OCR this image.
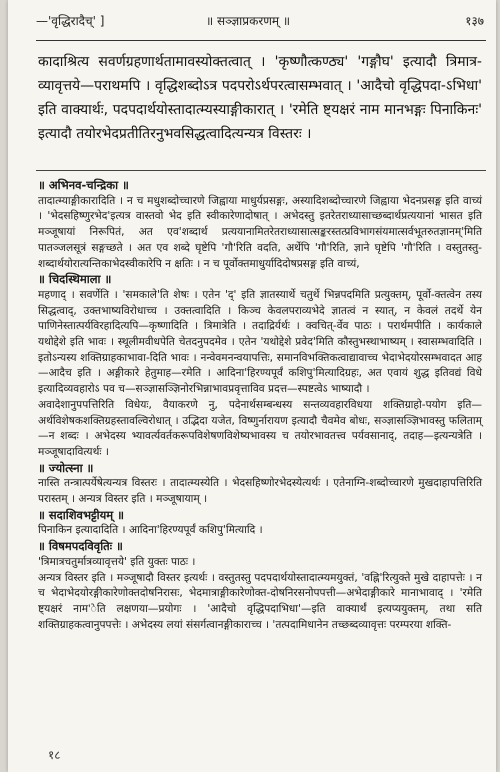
—'वृद्धिरादैच्' ]	॥ सञ्ज्ञाप्रकरणम् ॥	१३७

कादाश्रित्य सवर्णग्रहणार्थतामावस्योक्तत्वात् । 'कृष्णौत्कण्ठ्य' 'गङ्गौघ' इत्यादौ त्रिमात्र-व्यावृत्तये—पराथमपि । वृद्धिशब्दोऽत्र पदपरोऽर्थपरत्वासम्भवात् । 'आदैचो वृद्धिपदा-ऽभिधा' इति वाक्यार्थः, पदपदार्थयोस्तादात्म्यस्याङ्गीकारात् । 'रमेति ष्ट्यक्षरं नाम मानभङ्गः पिनाकिनः' इत्यादौ तयोरभेदप्रतीतिरनुभवसिद्धत्वादित्यन्यत्र विस्तरः ।

॥ अभिनव-चन्द्रिका ॥

तादात्म्याङ्गीकारादिति । न च मधुशब्दोच्चारणे जिह्वाया माधुर्यप्रसङ्गः, अस्यादिशब्दोच्चारणे जिह्वाया भेदनप्रसङ्ग इति वाच्यं । 'भेदसहिष्णुरभेद'इत्यत्र वास्तवो भेद इति स्वीकारेणादोषात् । अभेदस्तु इतरेतराध्यासाच्छब्दार्थप्रत्ययानां भासत इति मञ्जूषायां निरूपितं, अत एव'शब्दार्थ प्रत्ययानामितरेतराध्यासात्सङ्करस्तत्प्रविभागसंयमात्सर्वभूतरुतज्ञानम्'मिति पातञ्जलसूत्रं सङ्गच्छते । अत एव शब्दे घृष्टेपि 'गौ'रिति वदति, अर्थेपि 'गौ'रिति, ज्ञाने घृष्टेपि 'गौ'रिति । वस्तुतस्तु-शब्दार्थयोरात्यन्तिकाभेदस्वीकारेपि न क्षतिः । न च पूर्वोक्तमाधुर्यादिदोषप्रसङ्ग इति वाच्यं,

॥ चिदस्थिमाला ॥

महणाद् । सवर्णेति । 'समकाले'ति शेषः । एतेन 'द्' इति ज्ञातस्यार्थे चतुर्थे भिन्नपदमिति प्रत्युक्तम्, पूर्वो-क्तत्वेन तस्य सिद्धत्वाद्, उक्तभाष्यविरोधाच्च । उक्तत्वादिति । किञ्च केवलपराव्यभेदे ज्ञातत्वं न स्यात्, न केवलं तदर्थे येन पाणिनेस्तात्पर्यविरहादित्यपि—कृष्णादिति । त्रिमात्रेति । तदाद्रिर्यर्थः । क्वचित्-र्वेव पाठः । परार्थमपीति । कार्यकाले यथोद्देशे इति भावः । स्थूलीमवीधपेति चेतदनुपदमेव । एतेन 'यथोद्देशे प्रवेद'मिति कौस्तुभस्थाभाष्यम् । स्वासम्भवादिति । इतोऽन्यस्य शक्तिग्राहकाभावा-दिति भावः । नन्वेवमनन्वयापत्तिः, समानविभक्तिकत्वाद्यावाच्च भेदाभेदयोरसम्भवादत आह—आदैच इति । अङ्गीकारे हेतुमाह—रमेति । आदिना'हिरण्यपूर्वं कशिपु'मित्यादिग्रहः, अत एवायं शुद्ध इतिवद्यं विधे इत्यादिव्यवहारोऽ पव च—सञ्ज्ञासञ्ज्ञिनोरभिन्नाभावप्रवृत्ताविव प्रदत्त—स्पष्टत्वेऽ भाष्यादौ ।

अवादेशानुपपत्तिरिति विधेयः, वैयाकरणे नु, पदेनार्थसम्बन्धस्य सन्तव्यवहारविधया शक्तिग्राहो-पयोग इति—अर्थविशेषकशक्तिग्रहस्तावल्विरोधात् । उद्भिदा यजेत, विष्णुर्नारायण इत्यादौ चैवमेव बोधः, सञ्ज्ञासञ्ज्ञिभावस्तु फलिताम्—न शब्दः । अभेदस्य भ्यावर्त्यवर्तकरूपविशेषणविशेष्यभावस्य च तयोरभावतत्त्व पर्यवसानाद्, तदाह—इत्यन्यत्रेति । मञ्जूषादावित्यर्थः ।

॥ ज्योत्स्ना ॥

नास्ति तन्त्रात्पर्येषेत्यन्यत्र विस्तरः । तादात्म्यस्येति । भेदसहिष्णोरभेदस्येत्यर्थः । एतेनाग्नि-शब्दोच्चारणे मुखदाहापत्तिरिति परास्तम् । अन्यत्र विस्तर इति । मञ्जूषायाम् ।

॥ सदाशिवभट्टीयम् ॥

पिनाकिन इत्यादादिति । आदिना'हिरण्यपूर्वं कशिपु'मित्यादि ।

॥ विषमपदविवृतिः ॥

'त्रिमात्रचतुर्मात्रव्यावृत्तये' इति युक्तः पाठः ।

अन्यत्र विस्तर इति । मञ्जूषादौ विस्तर इत्यर्थः । वस्तुतस्तु पदपदार्थयोस्तादात्म्यमयुक्तं, 'वह्नि'रित्युक्ते मुखे दाहापत्तेः । न च भेदाभेदयोरङ्गीकारेणोक्तदोषनिरासः, भेदमात्राङ्गीकारेणोक्त-दोषनिरसनोपपत्ती—अभेदाङ्गीकारे मानाभावाद् । 'रमेति ष्ट्यक्षरं नाम'ेति लक्षणया—प्रयोगः । 'आदैचो वृद्धिपदाभिधा'—इति वाक्यार्थं इत्यप्ययुक्तम्, तथा सति शक्तिग्राहकत्वानुपपत्तेः । अभेदस्य लयां संसर्गत्वानङ्गीकाराच्च । 'तत्पदामिधानेन तच्छब्दव्यावृत्तः परम्परया शक्ति-

१८
